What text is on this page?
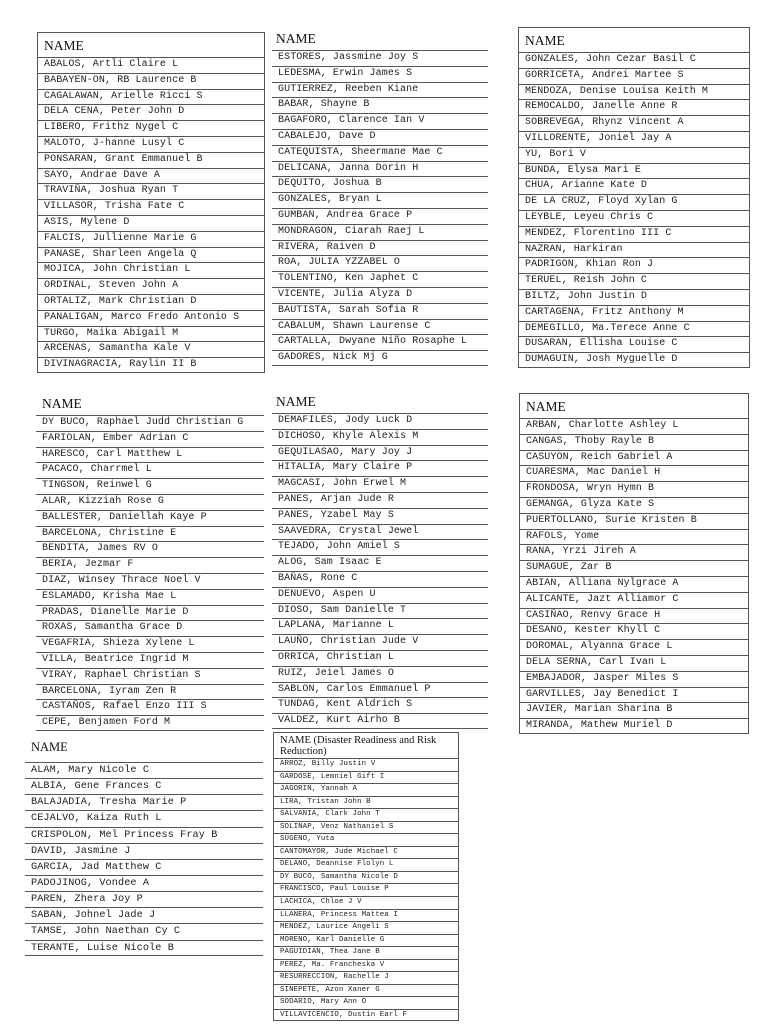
NAME
ABALOS, Artli Claire L
BABAYEN-ON, RB Laurence B
CAGALAWAN, Arielle Ricci S
DELA CENA, Peter John D
LIBERO, Frithz Nygel C
MALOTO, J-hanne Lusyl C
PONSARAN, Grant Emmanuel B
SAYO, Andrae Dave A
TRAVIÑA, Joshua Ryan T
VILLASOR, Trisha Fate C
ASIS, Mylene D
FALCIS, Jullienne Marie G
PANASE, Sharleen Angela Q
MOJICA, John Christian L
ORDINAL, Steven John A
ORTALIZ, Mark Christian D
PANALIGAN, Marco Fredo Antonio S
TURGO, Maika Abigail M
ARCENAS, Samantha Kale V
DIVINAGRACIA, Raylin II B
NAME
ESTORES, Jassmine Joy S
LEDESMA, Erwin James S
GUTIERREZ, Reeben Kiane
BABAR, Shayne B
BAGAFORO, Clarence Ian V
CABALEJO, Dave D
CATEQUISTA, Sheermane Mae C
DELICANA, Janna Dorin H
DEQUITO, Joshua B
GONZALES, Bryan L
GUMBAN, Andrea Grace P
MONDRAGON, Ciarah Raej L
RIVERA, Raiven D
ROA, JULIA YZZABEL O
TOLENTINO, Ken Japhet C
VICENTE, Julia Alyza D
BAUTISTA, Sarah Sofia R
CABALUM, Shawn Laurense C
CARTALLA, Dwyane Niño Rosaphe L
GADORES, Nick Mj G
NAME
GONZALES, John Cezar Basil C
GORRICETA, Andrei Martee S
MENDOZA, Denise Louisa Keith M
REMOCALDO, Janelle Anne R
SOBREVEGA, Rhynz Vincent A
VILLORENTE, Joniel Jay A
YU, Bori V
BUNDA, Elysa Mari E
CHUA, Arianne Kate D
DE LA CRUZ, Floyd Xylan G
LEYBLE, Leyeu Chris C
MENDEZ, Florentino III C
NAZRAN, Harkiran
PADRIGON, Khian Ron J
TERUEL, Reish John C
BILTZ, John Justin D
CARTAGENA, Fritz Anthony M
DEMEGILLO, Ma.Terece Anne C
DUSARAN, Ellisha Louise C
DUMAGUIN, Josh Myguelle D
NAME
DY BUCO, Raphael Judd Christian G
FARIOLAN, Ember Adrian C
HARESCO, Carl Matthew L
PACACO, Charrmel L
TINGSON, Reinwel G
ALAR, Kizziah Rose G
BALLESTER, Daniellah Kaye P
BARCELONA, Christine E
BENDITA, James RV O
BERIA, Jezmar F
DIAZ, Winsey Thrace Noel V
ESLAMADO, Krisha Mae L
PRADAS, Dianelle Marie D
ROXAS, Samantha Grace D
VEGAFRIA, Shieza Xylene L
VILLA, Beatrice Ingrid M
VIRAY, Raphael Christian S
BARCELONA, Iyram Zen R
CASTAÑOS, Rafael Enzo III S
CEPE, Benjamen Ford M
NAME
DEMAFILES, Jody Luck D
DICHOSO, Khyle Alexis M
GEQUILASAO, Mary Joy J
HITALIA, Mary Claire P
MAGCASI, John Erwel M
PANES, Arjan Jude R
PANES, Yzabel May S
SAAVEDRA, Crystal Jewel
TEJADO, John Amiel S
ALOG, Sam Isaac E
BAÑAS, Rone C
DENUEVO, Aspen U
DIOSO, Sam Danielle T
LAPLANA, Marianne L
LAUÑO, Christian Jude V
ORRICA, Christian L
RUIZ, Jeiel James O
SABLON, Carlos Emmanuel P
TUNDAG, Kent Aldrich S
VALDEZ, Kurt Airho B
NAME
ARBAN, Charlotte Ashley L
CANGAS, Thoby Rayle B
CASUYON, Reich Gabriel A
CUARESMA, Mac Daniel H
FRONDOSA, Wryn Hymn B
GEMANGA, Glyza Kate S
PUERTOLLANO, Surie Kristen B
RAFOLS, Yome
RANA, Yrzi Jireh A
SUMAGUE, Zar B
ABIAN, Alliana Nylgrace A
ALICANTE, Jazt Alliamor C
CASIÑAO, Renvy Grace H
DESANO, Kester Khyll C
DOROMAL, Alyanna Grace L
DELA SERNA, Carl Ivan L
EMBAJADOR, Jasper Miles S
GARVILLES, Jay Benedict I
JAVIER, Marian Sharina B
MIRANDA, Mathew Muriel D
NAME
ALAM, Mary Nicole C
ALBIA, Gene Frances C
BALAJADIA, Tresha Marie P
CEJALVO, Kaiza Ruth L
CRISPOLON, Mel Princess Fray B
DAVID, Jasmine J
GARCIA, Jad Matthew C
PADOJINOG, Vondee A
PAREN, Zhera Joy P
SABAN, Johnel Jade J
TAMSE, John Naethan Cy C
TERANTE, Luise Nicole B
NAME (Disaster Readiness and Risk Reduction)
ARROZ, Billy Justin V
GARDOSE, Lemniel Gift I
JAGORIN, Yannah A
LIRA, Tristan John B
SALVANIA, Clark John T
SOLINAP, Venz Nathaniel S
SUGENO, Yuta
CANTOMAYOR, Jude Michael C
DELANO, Deannise Flolyn L
DY BUCO, Samantha Nicole D
FRANCISCO, Paul Louise P
LACHICA, Chloe J V
LLANERA, Princess Mattea I
MENDEZ, Laurice Angeli S
MORENO, Karl Danielle G
PAGUIDIAN, Thea Jane B
PEREZ, Ma. Francheska V
RESURRECCION, Rachelle J
SINEPETE, Azon Xaner G
SODARIO, Mary Ann O
VILLAVICENCIO, Dustin Earl F
